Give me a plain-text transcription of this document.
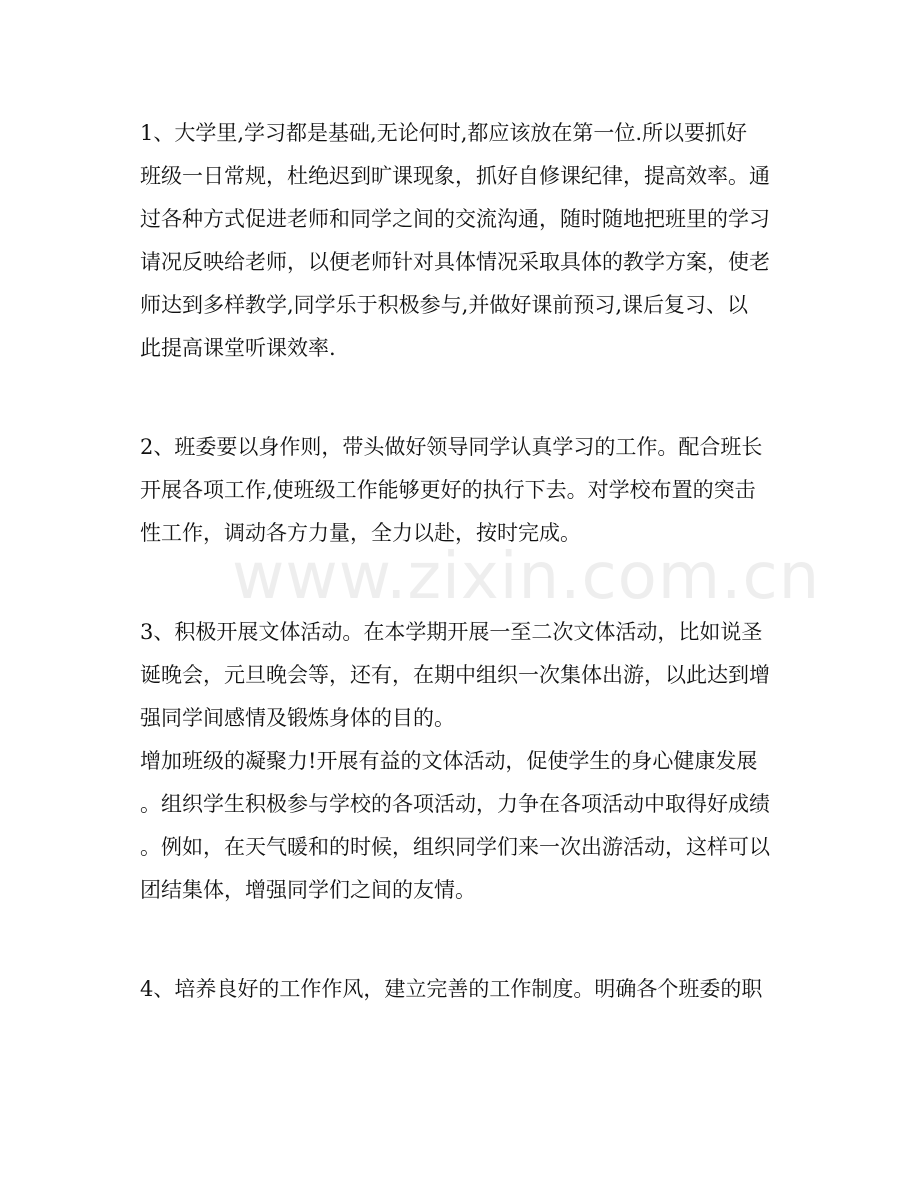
www.zixin.com.cn
1、大学里,学习都是基础,无论何时,都应该放在第一位.所以要抓好
班级一日常规，杜绝迟到旷课现象，抓好自修课纪律，提高效率。通
过各种方式促进老师和同学之间的交流沟通，随时随地把班里的学习
请况反映给老师，以便老师针对具体情况采取具体的教学方案，使老
师达到多样教学,同学乐于积极参与,并做好课前预习,课后复习、以
此提高课堂听课效率.
2、班委要以身作则，带头做好领导同学认真学习的工作。配合班长
开展各项工作,使班级工作能够更好的执行下去。对学校布置的突击
性工作，调动各方力量，全力以赴，按时完成。
3、积极开展文体活动。在本学期开展一至二次文体活动，比如说圣
诞晚会，元旦晚会等，还有，在期中组织一次集体出游，以此达到增
强同学间感情及锻炼身体的目的。
增加班级的凝聚力!开展有益的文体活动，促使学生的身心健康发展
。组织学生积极参与学校的各项活动，力争在各项活动中取得好成绩
。例如，在天气暖和的时候，组织同学们来一次出游活动，这样可以
团结集体，增强同学们之间的友情。
4、培养良好的工作作风，建立完善的工作制度。明确各个班委的职
